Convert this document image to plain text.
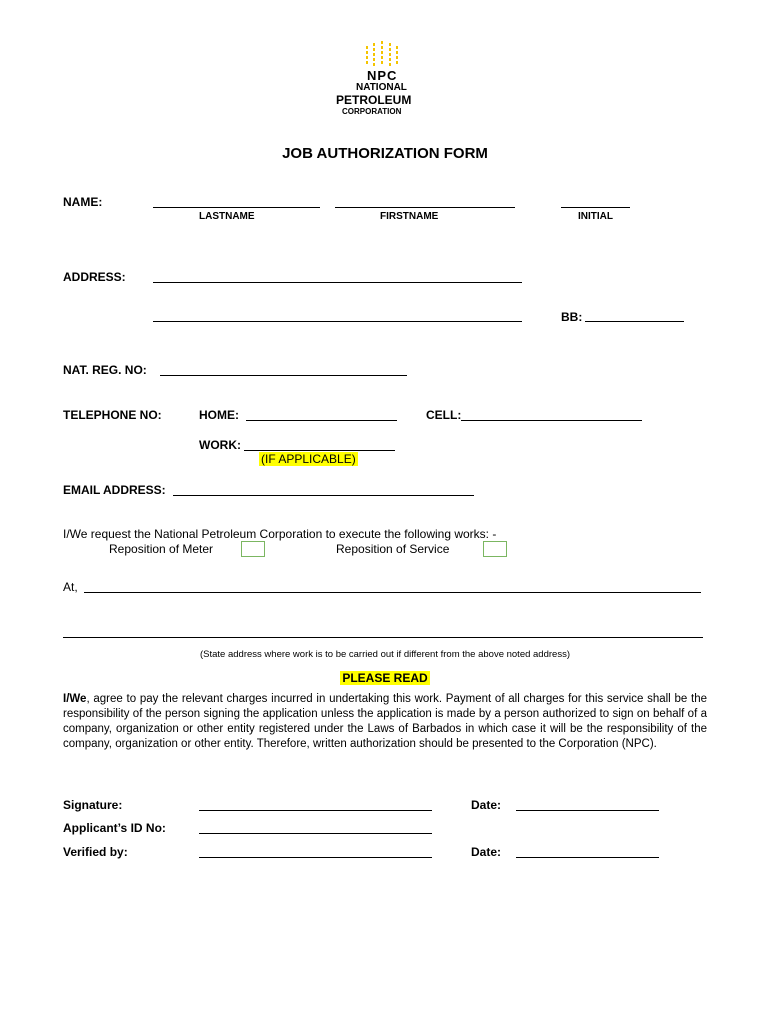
NPC
NATIONAL
PETROLEUM
CORPORATION
JOB AUTHORIZATION FORM
NAME:
LASTNAME	FIRSTNAME	INITIAL
ADDRESS:
BB:
NAT. REG. NO:
TELEPHONE NO:	HOME:	CELL:
WORK:
(IF APPLICABLE)
EMAIL ADDRESS:
I/We request the National Petroleum Corporation to execute the following works: -
Reposition of Meter	Reposition of Service
At,
(State address where work is to be carried out if different from the above noted address)
PLEASE READ
I/We, agree to pay the relevant charges incurred in undertaking this work. Payment of all charges for this service shall be the responsibility of the person signing the application unless the application is made by a person authorized to sign on behalf of a company, organization or other entity registered under the Laws of Barbados in which case it will be the responsibility of the company, organization or other entity. Therefore, written authorization should be presented to the Corporation (NPC).
Signature:	Date:
Applicant’s ID No:
Verified by:	Date:
